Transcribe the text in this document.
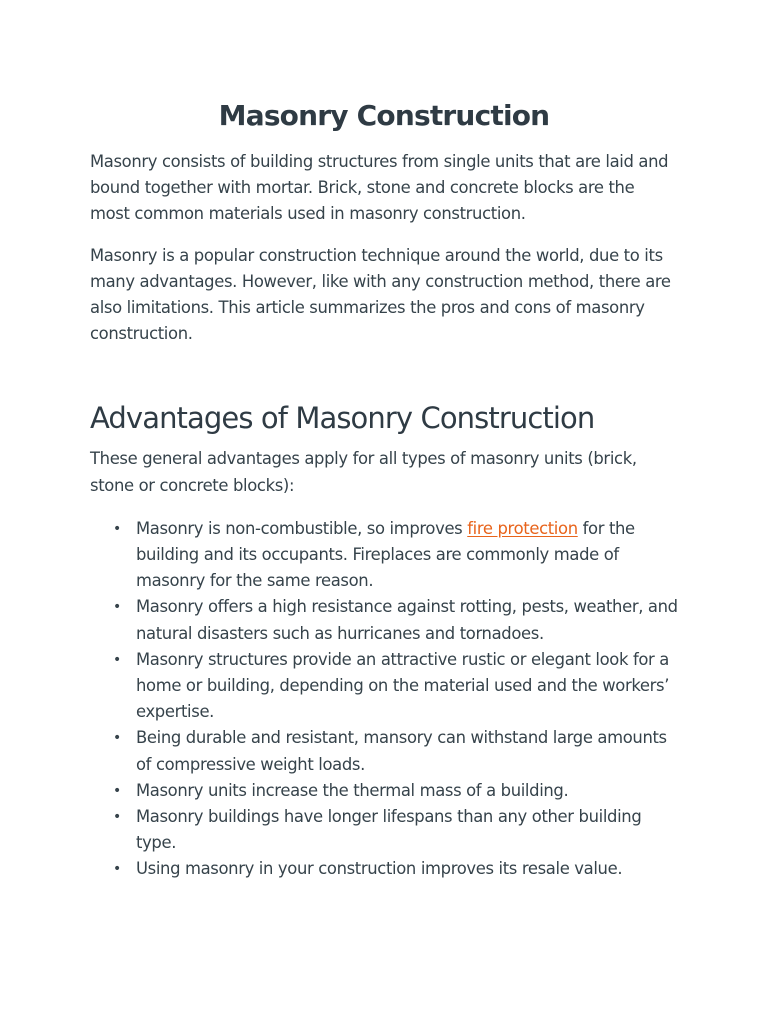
Masonry Construction

Masonry consists of building structures from single units that are laid and bound together with mortar. Brick, stone and concrete blocks are the most common materials used in masonry construction.

Masonry is a popular construction technique around the world, due to its many advantages. However, like with any construction method, there are also limitations. This article summarizes the pros and cons of masonry construction.

Advantages of Masonry Construction

These general advantages apply for all types of masonry units (brick, stone or concrete blocks):

• Masonry is non-combustible, so improves fire protection for the building and its occupants. Fireplaces are commonly made of masonry for the same reason.
• Masonry offers a high resistance against rotting, pests, weather, and natural disasters such as hurricanes and tornadoes.
• Masonry structures provide an attractive rustic or elegant look for a home or building, depending on the material used and the workers’ expertise.
• Being durable and resistant, mansory can withstand large amounts of compressive weight loads.
• Masonry units increase the thermal mass of a building.
• Masonry buildings have longer lifespans than any other building type.
• Using masonry in your construction improves its resale value.
